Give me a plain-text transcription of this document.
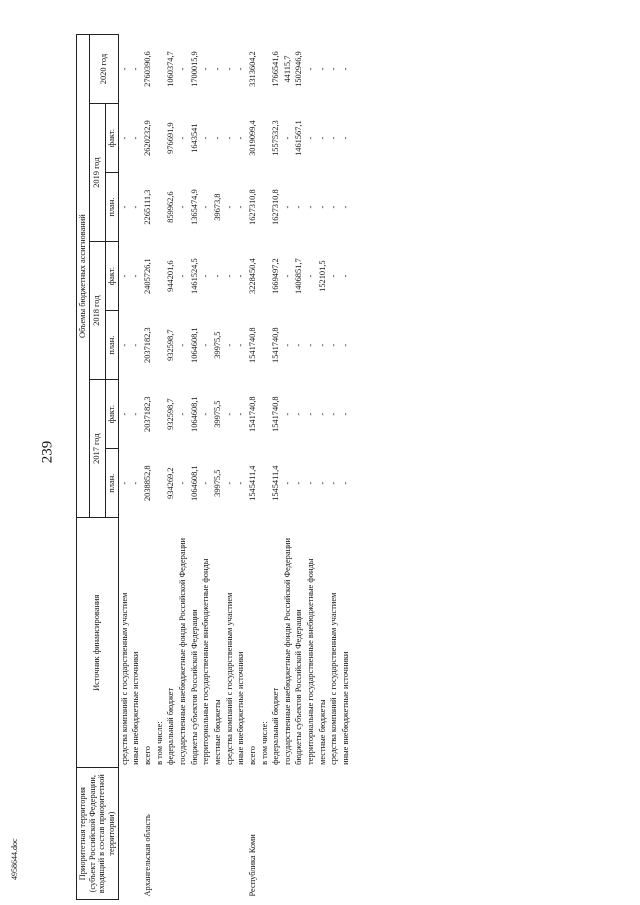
239
4958644.doc	Приоритетная территория (субъект Российской Федерации, входящий в состав приоритетной территории)	Источник финансирования	Объемы бюджетных ассигнований						
		2017 год		2018 год		2019 год		2020 год
		план.	факт.	план.	факт.	план.	факт.	
	средства компаний с государственным участием	-	-	-	-	-	-	-
	иные внебюджетные источники	-	-	-	-	-	-	-
Архангельская область	всего	2038852,8	2037182,3	2037182,3	2405726,1	2265111,3	2620232,9	2760390,6
	в том числе:							
	федеральный бюджет	934269,2	932598,7	932598,7	944201,6	859962,6	976691,9	1060374,7
	государственные внебюджетные фонды Российской Федерации	-	-	-	-	-	-	-
	бюджеты субъектов Российской Федерации	1064608,1	1064608,1	1064608,1	1461524,5	1365474,9	1643541	1700015,9
	территориальные государственные внебюджетные фонды	-	-	-	-	-	-	-
	местные бюджеты	39975,5	39975,5	39975,5	-	39673,8	-	-
	средства компаний с государственным участием	-	-	-	-	-	-	-
	иные внебюджетные источники	-	-	-	-	-	-	-
Республика Коми	всего	1545411,4	1541740,8	1541740,8	3228450,4	1627310,8	3019099,4	3313604,2
	в том числе:							
	федеральный бюджет	1545411,4	1541740,8	1541740,8	1669497,2	1627310,8	1557532,3	1766541,6
	государственные внебюджетные фонды Российской Федерации	-	-	-	-	-	-	44115,7
	бюджеты субъектов Российской Федерации	-	-	-	1406851,7	-	1461567,1	1502946,9
	территориальные государственные внебюджетные фонды	-	-	-	-	-	-	-
	местные бюджеты	-	-	-	152101,5	-	-	-
	средства компаний с государственным участием	-	-	-	-	-	-	-
	иные внебюджетные источники	-	-	-	-	-	-	-
